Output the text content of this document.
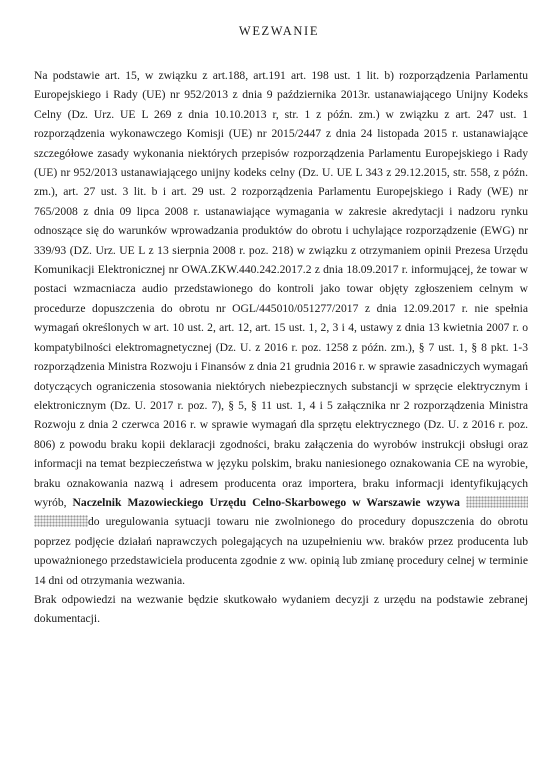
WEZWANIE

Na podstawie art. 15, w związku z art.188, art.191 art. 198 ust. 1 lit. b) rozporządzenia Parlamentu Europejskiego i Rady (UE) nr 952/2013 z dnia 9 października 2013r. ustanawiającego Unijny Kodeks Celny (Dz. Urz. UE L 269 z dnia 10.10.2013 r, str. 1 z późn. zm.) w związku z art. 247 ust. 1 rozporządzenia wykonawczego Komisji (UE) nr 2015/2447 z dnia 24 listopada 2015 r. ustanawiające szczegółowe zasady wykonania niektórych przepisów rozporządzenia Parlamentu Europejskiego i Rady (UE) nr 952/2013 ustanawiającego unijny kodeks celny (Dz. U. UE L 343 z 29.12.2015, str. 558, z późn. zm.), art. 27 ust. 3 lit. b i art. 29 ust. 2 rozporządzenia Parlamentu Europejskiego i Rady (WE) nr 765/2008 z dnia 09 lipca 2008 r. ustanawiające wymagania w zakresie akredytacji i nadzoru rynku odnoszące się do warunków wprowadzania produktów do obrotu i uchylające rozporządzenie (EWG) nr 339/93 (DZ. Urz. UE L z 13 sierpnia 2008 r. poz. 218) w związku z otrzymaniem opinii Prezesa Urzędu Komunikacji Elektronicznej nr OWA.ZKW.440.242.2017.2 z dnia 18.09.2017 r. informującej, że towar w postaci wzmacniacza audio przedstawionego do kontroli jako towar objęty zgłoszeniem celnym w procedurze dopuszczenia do obrotu nr OGL/445010/051277/2017 z dnia 12.09.2017 r. nie spełnia wymagań określonych w art. 10 ust. 2, art. 12, art. 15 ust. 1, 2, 3 i 4, ustawy z dnia 13 kwietnia 2007 r. o kompatybilności elektromagnetycznej (Dz. U. z 2016 r. poz. 1258 z późn. zm.), § 7 ust. 1, § 8 pkt. 1-3 rozporządzenia Ministra Rozwoju i Finansów z dnia 21 grudnia 2016 r. w sprawie zasadniczych wymagań dotyczących ograniczenia stosowania niektórych niebezpiecznych substancji w sprzęcie elektrycznym i elektronicznym (Dz. U. 2017 r. poz. 7), § 5, § 11 ust. 1, 4 i 5 załącznika nr 2 rozporządzenia Ministra Rozwoju z dnia 2 czerwca 2016 r. w sprawie wymagań dla sprzętu elektrycznego (Dz. U. z 2016 r. poz. 806) z powodu braku kopii deklaracji zgodności, braku załączenia do wyrobów instrukcji obsługi oraz informacji na temat bezpieczeństwa w języku polskim, braku naniesionego oznakowania CE na wyrobie, braku oznakowania nazwą i adresem producenta oraz importera, braku informacji identyfikujących wyrób, Naczelnik Mazowieckiego Urzędu Celno-Skarbowego w Warszawie wzywa  do uregulowania sytuacji towaru nie zwolnionego do procedury dopuszczenia do obrotu poprzez podjęcie działań naprawczych polegających na uzupełnieniu ww. braków przez producenta lub upoważnionego przedstawiciela producenta zgodnie z ww. opinią lub zmianę procedury celnej w terminie 14 dni od otrzymania wezwania.

Brak odpowiedzi na wezwanie będzie skutkowało wydaniem decyzji z urzędu na podstawie zebranej dokumentacji.
